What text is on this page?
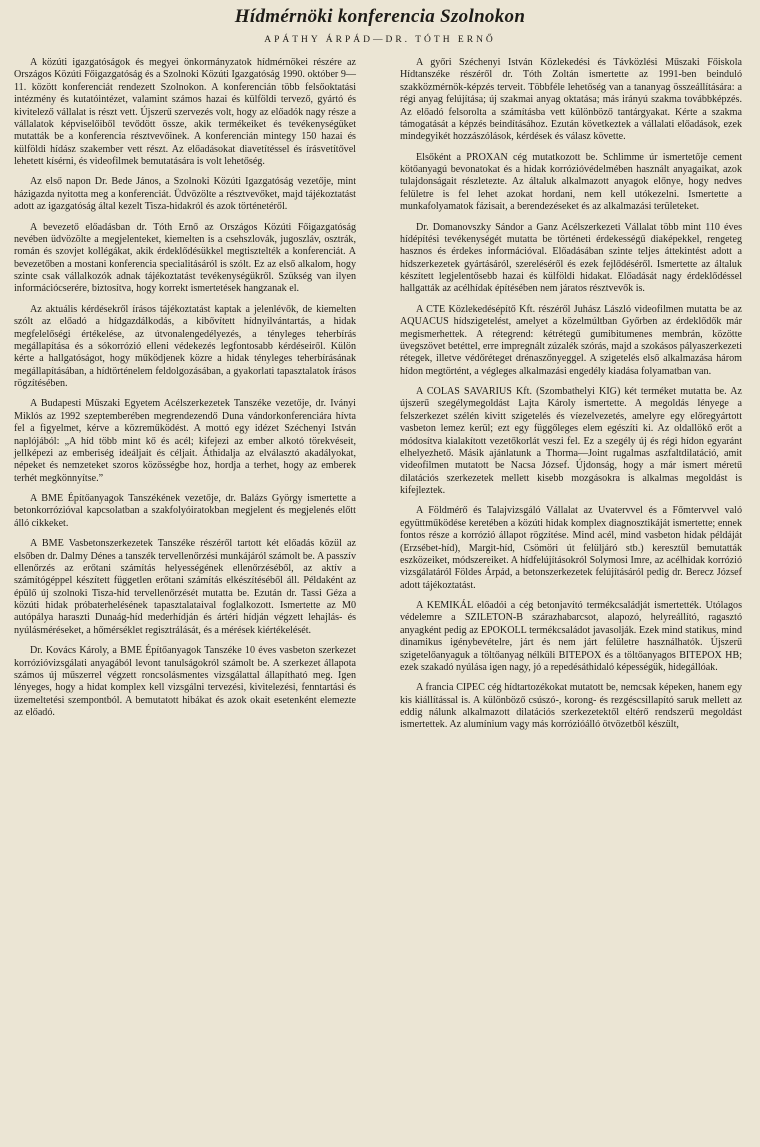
Hídmérnöki konferencia Szolnokon
APÁTHY ÁRPÁD—DR. TÓTH ERNŐ

A közúti igazgatóságok és megyei önkormányzatok hídmérnökei részére az Országos Közúti Főigazgatóság és a Szolnoki Közúti Igazgatóság 1990. október 9—11. között konferenciát rendezett Szolnokon. A konferencián több felsőoktatási intézmény és kutatóintézet, valamint számos hazai és külföldi tervező, gyártó és kivitelező vállalat is részt vett. Újszerű szervezés volt, hogy az előadók nagy része a vállalatok képviselőiből tevődött össze, akik termékeiket és tevékenységüket mutatták be a konferencia résztvevőinek. A konferencián mintegy 150 hazai és külföldi hídász szakember vett részt. Az előadásokat diavetítéssel és írásvetítővel lehetett kísérni, és videofilmek bemutatására is volt lehetőség.

Az első napon Dr. Bede János, a Szolnoki Közúti Igazgatóság vezetője, mint házigazda nyitotta meg a konferenciát. Üdvözölte a résztvevőket, majd tájékoztatást adott az igazgatóság által kezelt Tisza-hidakról és azok történetéről.

A bevezető előadásban dr. Tóth Ernő az Országos Közúti Főigazgatóság nevében üdvözölte a megjelenteket, kiemelten is a csehszlovák, jugoszláv, osztrák, román és szovjet kollégákat, akik érdeklődésükkel megtisztelték a konferenciát. A bevezetőben a mostani konferencia specialitásáról is szólt. Ez az első alkalom, hogy szinte csak vállalkozók adnak tájékoztatást tevékenységükről. Szükség van ilyen információcserére, biztosítva, hogy korrekt ismertetések hangzanak el.

Az aktuális kérdésekről írásos tájékoztatást kaptak a jelenlévők, de kiemelten szólt az előadó a hídgazdálkodás, a kibővített hídnyilvántartás, a hidak megfelelőségi értékelése, az útvonalengedélyezés, a tényleges teherbírás megállapítása és a sókorrózió elleni védekezés legfontosabb kérdéseiről. Külön kérte a hallgatóságot, hogy működjenek közre a hidak tényleges teherbírásának megállapításában, a hídtörténelem feldolgozásában, a gyakorlati tapasztalatok írásos rögzítésében.

A Budapesti Műszaki Egyetem Acélszerkezetek Tanszéke vezetője, dr. Iványi Miklós az 1992 szeptemberében megrendezendő Duna vándorkonferenciára hívta fel a figyelmet, kérve a közreműködést. A mottó egy idézet Széchenyi István naplójából: „A híd több mint kő és acél; kifejezi az ember alkotó törekvéseit, jellképezi az emberiség ideáljait és céljait. Áthidalja az elválasztó akadályokat, népeket és nemzeteket szoros közösségbe hoz, hordja a terhet, hogy az emberek terhét megkönnyítse.”

A BME Építőanyagok Tanszékének vezetője, dr. Balázs György ismertette a betonkorrózióval kapcsolatban a szakfolyóiratokban megjelent és megjelenés előtt álló cikkeket.

A BME Vasbetonszerkezetek Tanszéke részéről tartott két előadás közül az elsőben dr. Dalmy Dénes a tanszék tervellenőrzési munkájáról számolt be. A passzív ellenőrzés az erőtani számítás helyességének ellenőrzéséből, az aktív a számítógéppel készített független erőtani számítás elkészítéséből áll. Példaként az épülő új szolnoki Tisza-híd tervellenőrzését mutatta be. Ezután dr. Tassi Géza a közúti hidak próbaterhelésének tapasztalataival foglalkozott. Ismertette az M0 autópálya haraszti Dunaág-híd mederhídján és ártéri hídján végzett lehajlás- és nyúlásméréseket, a hőmérséklet regisztrálását, és a mérések kiértékelését.

Dr. Kovács Károly, a BME Építőanyagok Tanszéke 10 éves vasbeton szerkezet korrózióvizsgálati anyagából levont tanulságokról számolt be. A szerkezet állapota számos új műszerrel végzett roncsolásmentes vizsgálattal állapítható meg. Igen lényeges, hogy a hidat komplex kell vizsgálni tervezési, kivitelezési, fenntartási és üzemeltetési szempontból. A bemutatott hibákat és azok okait esetenként elemezte az előadó.

A győri Széchenyi István Közlekedési és Távközlési Műszaki Főiskola Hídtanszéke részéről dr. Tóth Zoltán ismertette az 1991-ben beinduló szakközmérnök-képzés terveit. Többféle lehetőség van a tananyag összeállítására: a régi anyag felújítása; új szakmai anyag oktatása; más irányú szakma továbbképzés. Az előadó felsorolta a számításba vett különböző tantárgyakat. Kérte a szakma támogatását a képzés beindításához. Ezután következtek a vállalati előadások, ezek mindegyikét hozzászólások, kérdések és válasz követte.

Elsőként a PROXAN cég mutatkozott be. Schlimme úr ismertetője cement kötőanyagú bevonatokat és a hidak korrózióvédelmében használt anyagaikat, azok tulajdonságait részletezte. Az általuk alkalmazott anyagok előnye, hogy nedves felületre is fel lehet azokat hordani, nem kell utókezelni. Ismertette a munkafolyamatok fázisait, a berendezéseket és az alkalmazási területeket.

Dr. Domanovszky Sándor a Ganz Acélszerkezeti Vállalat több mint 110 éves hídépítési tevékenységét mutatta be történeti érdekességű diaképekkel, rengeteg hasznos és érdekes információval. Előadásában szinte teljes áttekintést adott a hídszerkezetek gyártásáról, szereléséről és ezek fejlődéséről. Ismertette az általuk készített legjelentősebb hazai és külföldi hidakat. Előadását nagy érdeklődéssel hallgatták az acélhídak építésében nem járatos résztvevők is.

A CTE Közlekedésépítő Kft. részéről Juhász László videofilmen mutatta be az AQUACUS hídszigetelést, amelyet a közelmúltban Győrben az érdeklődők már megismerhettek. A rétegrend: kétrétegű gumibitumenes membrán, közötte üvegszövet betéttel, erre impregnált zúzalék szórás, majd a szokásos pályaszerkezeti rétegek, illetve védőréteget drénaszőnyeggel. A szigetelés első alkalmazása három hídon megtörtént, a végleges alkalmazási engedély kiadása folyamatban van.

A COLAS SAVARIUS Kft. (Szombathelyi KIG) két terméket mutatta be. Az újszerű szegélymegoldást Lajta Károly ismertette. A megoldás lényege a felszerkezet szélén kivitt szigetelés és víezelvezetés, amelyre egy előregyártott vasbeton lemez kerül; ezt egy függőleges elem egészíti ki. Az oldallökő erőt a módosítva kialakított vezetőkorlát veszi fel. Ez a szegély új és régi hídon egyaránt elhelyezhető. Másik ajánlatunk a Thorma—Joint rugalmas aszfaltdilatáció, amit videofilmen mutatott be Nacsa József. Újdonság, hogy a már ismert méretű dilatációs szerkezetek mellett kisebb mozgásokra is alkalmas megoldást is kifejleztek.

A Földmérő és Talajvizsgáló Vállalat az Uvatervvel és a Főmtervvel való együttműködése keretében a közúti hidak komplex diagnosztikáját ismertette; ennek fontos része a korrózió állapot rögzítése. Mind acél, mind vasbeton hidak példáját (Erzsébet-híd), Margit-híd, Csömöri út felüljáró stb.) keresztül bemutatták eszközeiket, módszereiket. A hídfelújításokról Solymosi Imre, az acélhidak korrózió vizsgálatáról Földes Árpád, a betonszerkezetek felújításáról pedig dr. Berecz József adott tájékoztatást.

A KEMIKÁL előadói a cég betonjavító termékcsaládját ismertették. Utólagos védelemre a SZILETON-B szárazhabarcsot, alapozó, helyreállító, ragasztó anyagként pedig az EPOKOLL termékcsaládot javasolják. Ezek mind statikus, mind dinamikus igénybevételre, járt és nem járt felületre használhatók. Újszerű szigetelőanyaguk a töltőanyag nélküli BITEPOX és a töltőanyagos BITEPOX HB; ezek szakadó nyúlása igen nagy, jó a repedésáthidaló képességük, hidegállóak.

A francia CIPEC cég hídtartozékokat mutatott be, nemcsak képeken, hanem egy kis kiállítással is. A különböző csúszó-, korong- és rezgéscsillapító saruk mellett az eddig nálunk alkalmazott dilatációs szerkezetektől eltérő rendszerű megoldást ismertettek. Az alumínium vagy más korrózióálló ötvözetből készült,
